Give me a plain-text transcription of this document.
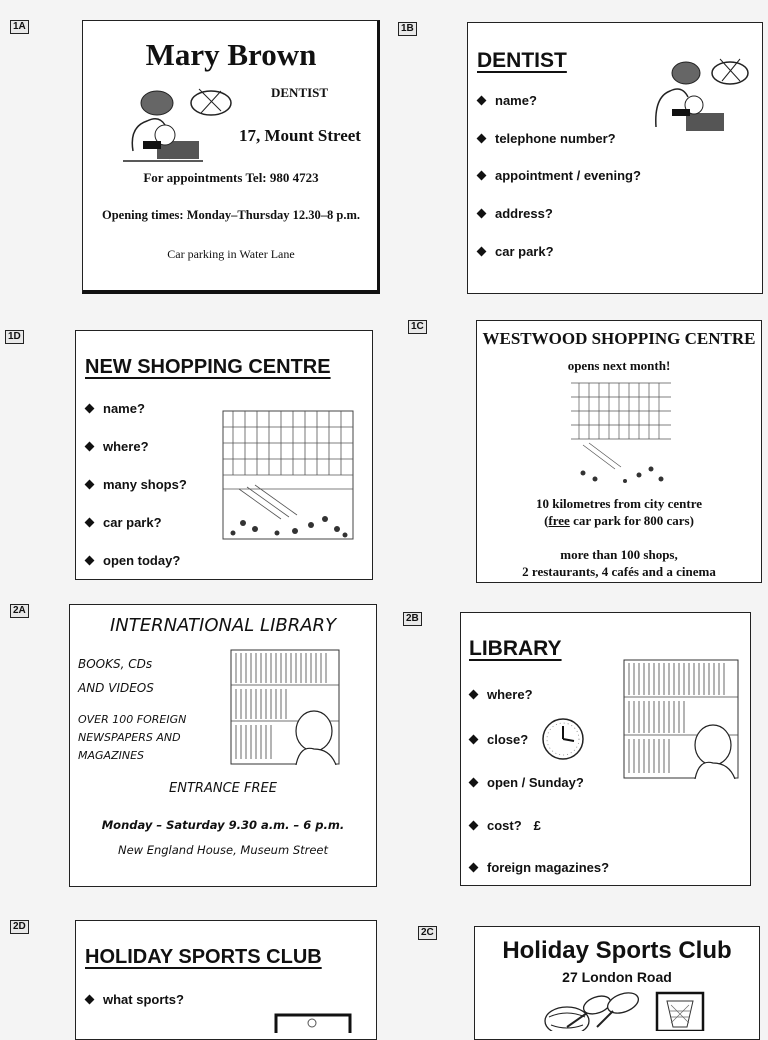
1A
Mary Brown
DENTIST
17, Mount Street
For appointments Tel: 980 4723
Opening times: Monday–Thursday 12.30–8 p.m.
Car parking in Water Lane
1B
DENTIST
name?
telephone number?
appointment / evening?
address?
car park?
1D
NEW SHOPPING CENTRE
name?
where?
many shops?
car park?
open today?
1C
WESTWOOD SHOPPING CENTRE
opens next month!
10 kilometres from city centre
(free car park for 800 cars)
more than 100 shops,
2 restaurants, 4 cafés and a cinema
2A
INTERNATIONAL LIBRARY
BOOKS, CDs
AND VIDEOS
OVER 100 FOREIGN
NEWSPAPERS AND
MAGAZINES
ENTRANCE FREE
Monday – Saturday 9.30 a.m. – 6 p.m.
New England House, Museum Street
2B
LIBRARY
where?
close?
open / Sunday?
cost? £
foreign magazines?
2D
HOLIDAY SPORTS CLUB
what sports?
2C
Holiday Sports Club
27 London Road
